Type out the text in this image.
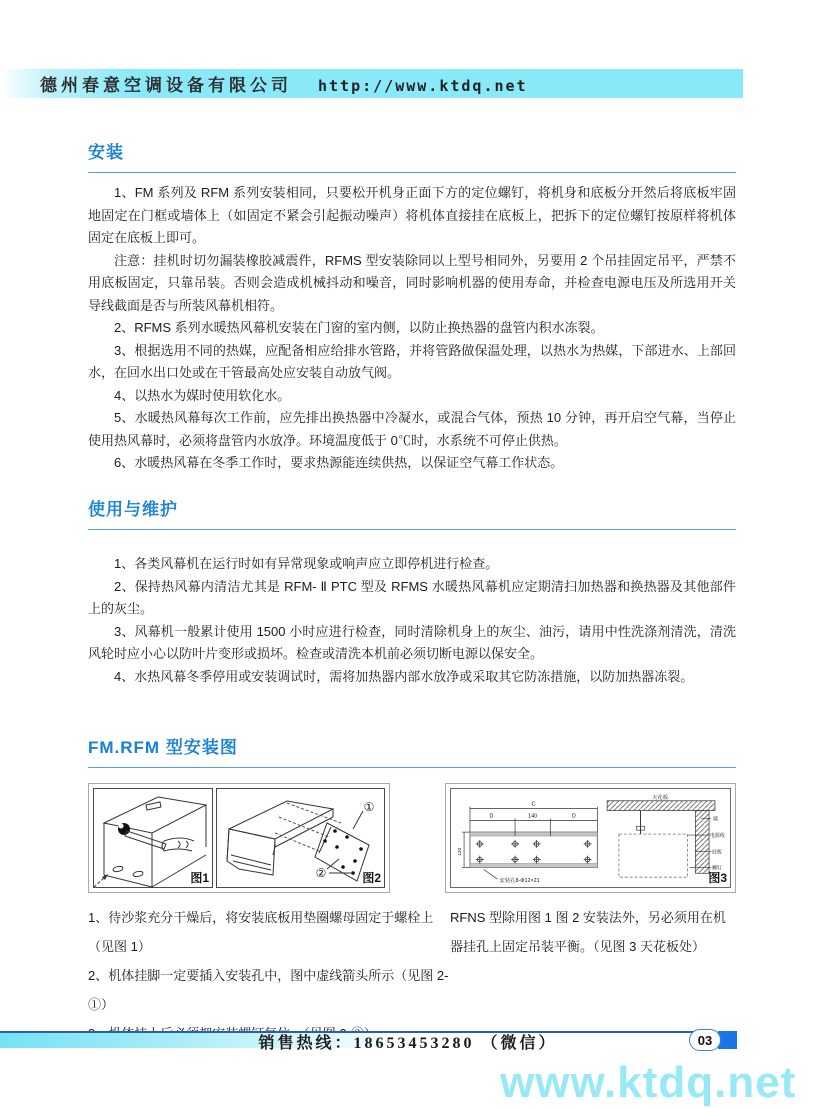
德州春意空调设备有限公司 http://www.ktdq.net
安装

1、FM 系列及 RFM 系列安装相同，只要松开机身正面下方的定位螺钉，将机身和底板分开然后将底板牢固地固定在门框或墙体上（如固定不紧会引起振动噪声）将机体直接挂在底板上，把拆下的定位螺钉按原样将机体固定在底板上即可。

注意：挂机时切勿漏装橡胶减震件，RFMS 型安装除同以上型号相同外，另要用 2 个吊挂固定吊平，严禁不用底板固定，只靠吊装。否则会造成机械抖动和噪音，同时影响机器的使用寿命，并检查电源电压及所选用开关导线截面是否与所装风幕机相符。

2、RFMS 系列水暖热风幕机安装在门窗的室内侧，以防止换热器的盘管内积水冻裂。

3、根据选用不同的热媒，应配备相应给排水管路，并将管路做保温处理，以热水为热媒，下部进水、上部回水，在回水出口处或在干管最高处应安装自动放气阀。

4、以热水为媒时使用软化水。

5、水暖热风幕每次工作前，应先排出换热器中冷凝水，或混合气体，预热 10 分钟，再开启空气幕，当停止使用热风幕时，必须将盘管内水放净。环境温度低于 0℃时，水系统不可停止供热。

6、水暖热风幕在冬季工作时，要求热源能连续供热，以保证空气幕工作状态。

使用与维护

1、各类风幕机在运行时如有异常现象或响声应立即停机进行检查。

2、保持热风幕内清洁尤其是 RFM- Ⅱ PTC 型及 RFMS 水暖热风幕机应定期清扫加热器和换热器及其他部件上的灰尘。

3、风幕机一般累计使用 1500 小时应进行检查，同时清除机身上的灰尘、油污，请用中性洗涤剂清洗，清洗风轮时应小心以防叶片变形或损坏。检查或清洗本机前必须切断电源以保安全。

4、水热风幕冬季停用或安装调试时，需将加热器内部水放净或采取其它防冻措施，以防加热器冻裂。

FM.RFM 型安装图
图1
①
②	图2
C
D	140	D
120
安装孔8-Φ12×21
天花板
墙
电源线
底板
螺钉
图3

1、待沙浆充分干燥后，将安装底板用垫圈螺母固定于螺栓上（见图 1）

2、机体挂脚一定要插入安装孔中，图中虚线箭头所示（见图 2-①）

RFNS 型除用图 1 图 2 安装法外，另必须用在机器挂孔上固定吊装平衡。（见图 3 天花板处）

销售热线：18653453280 （微信）	03
www.ktdq.net
